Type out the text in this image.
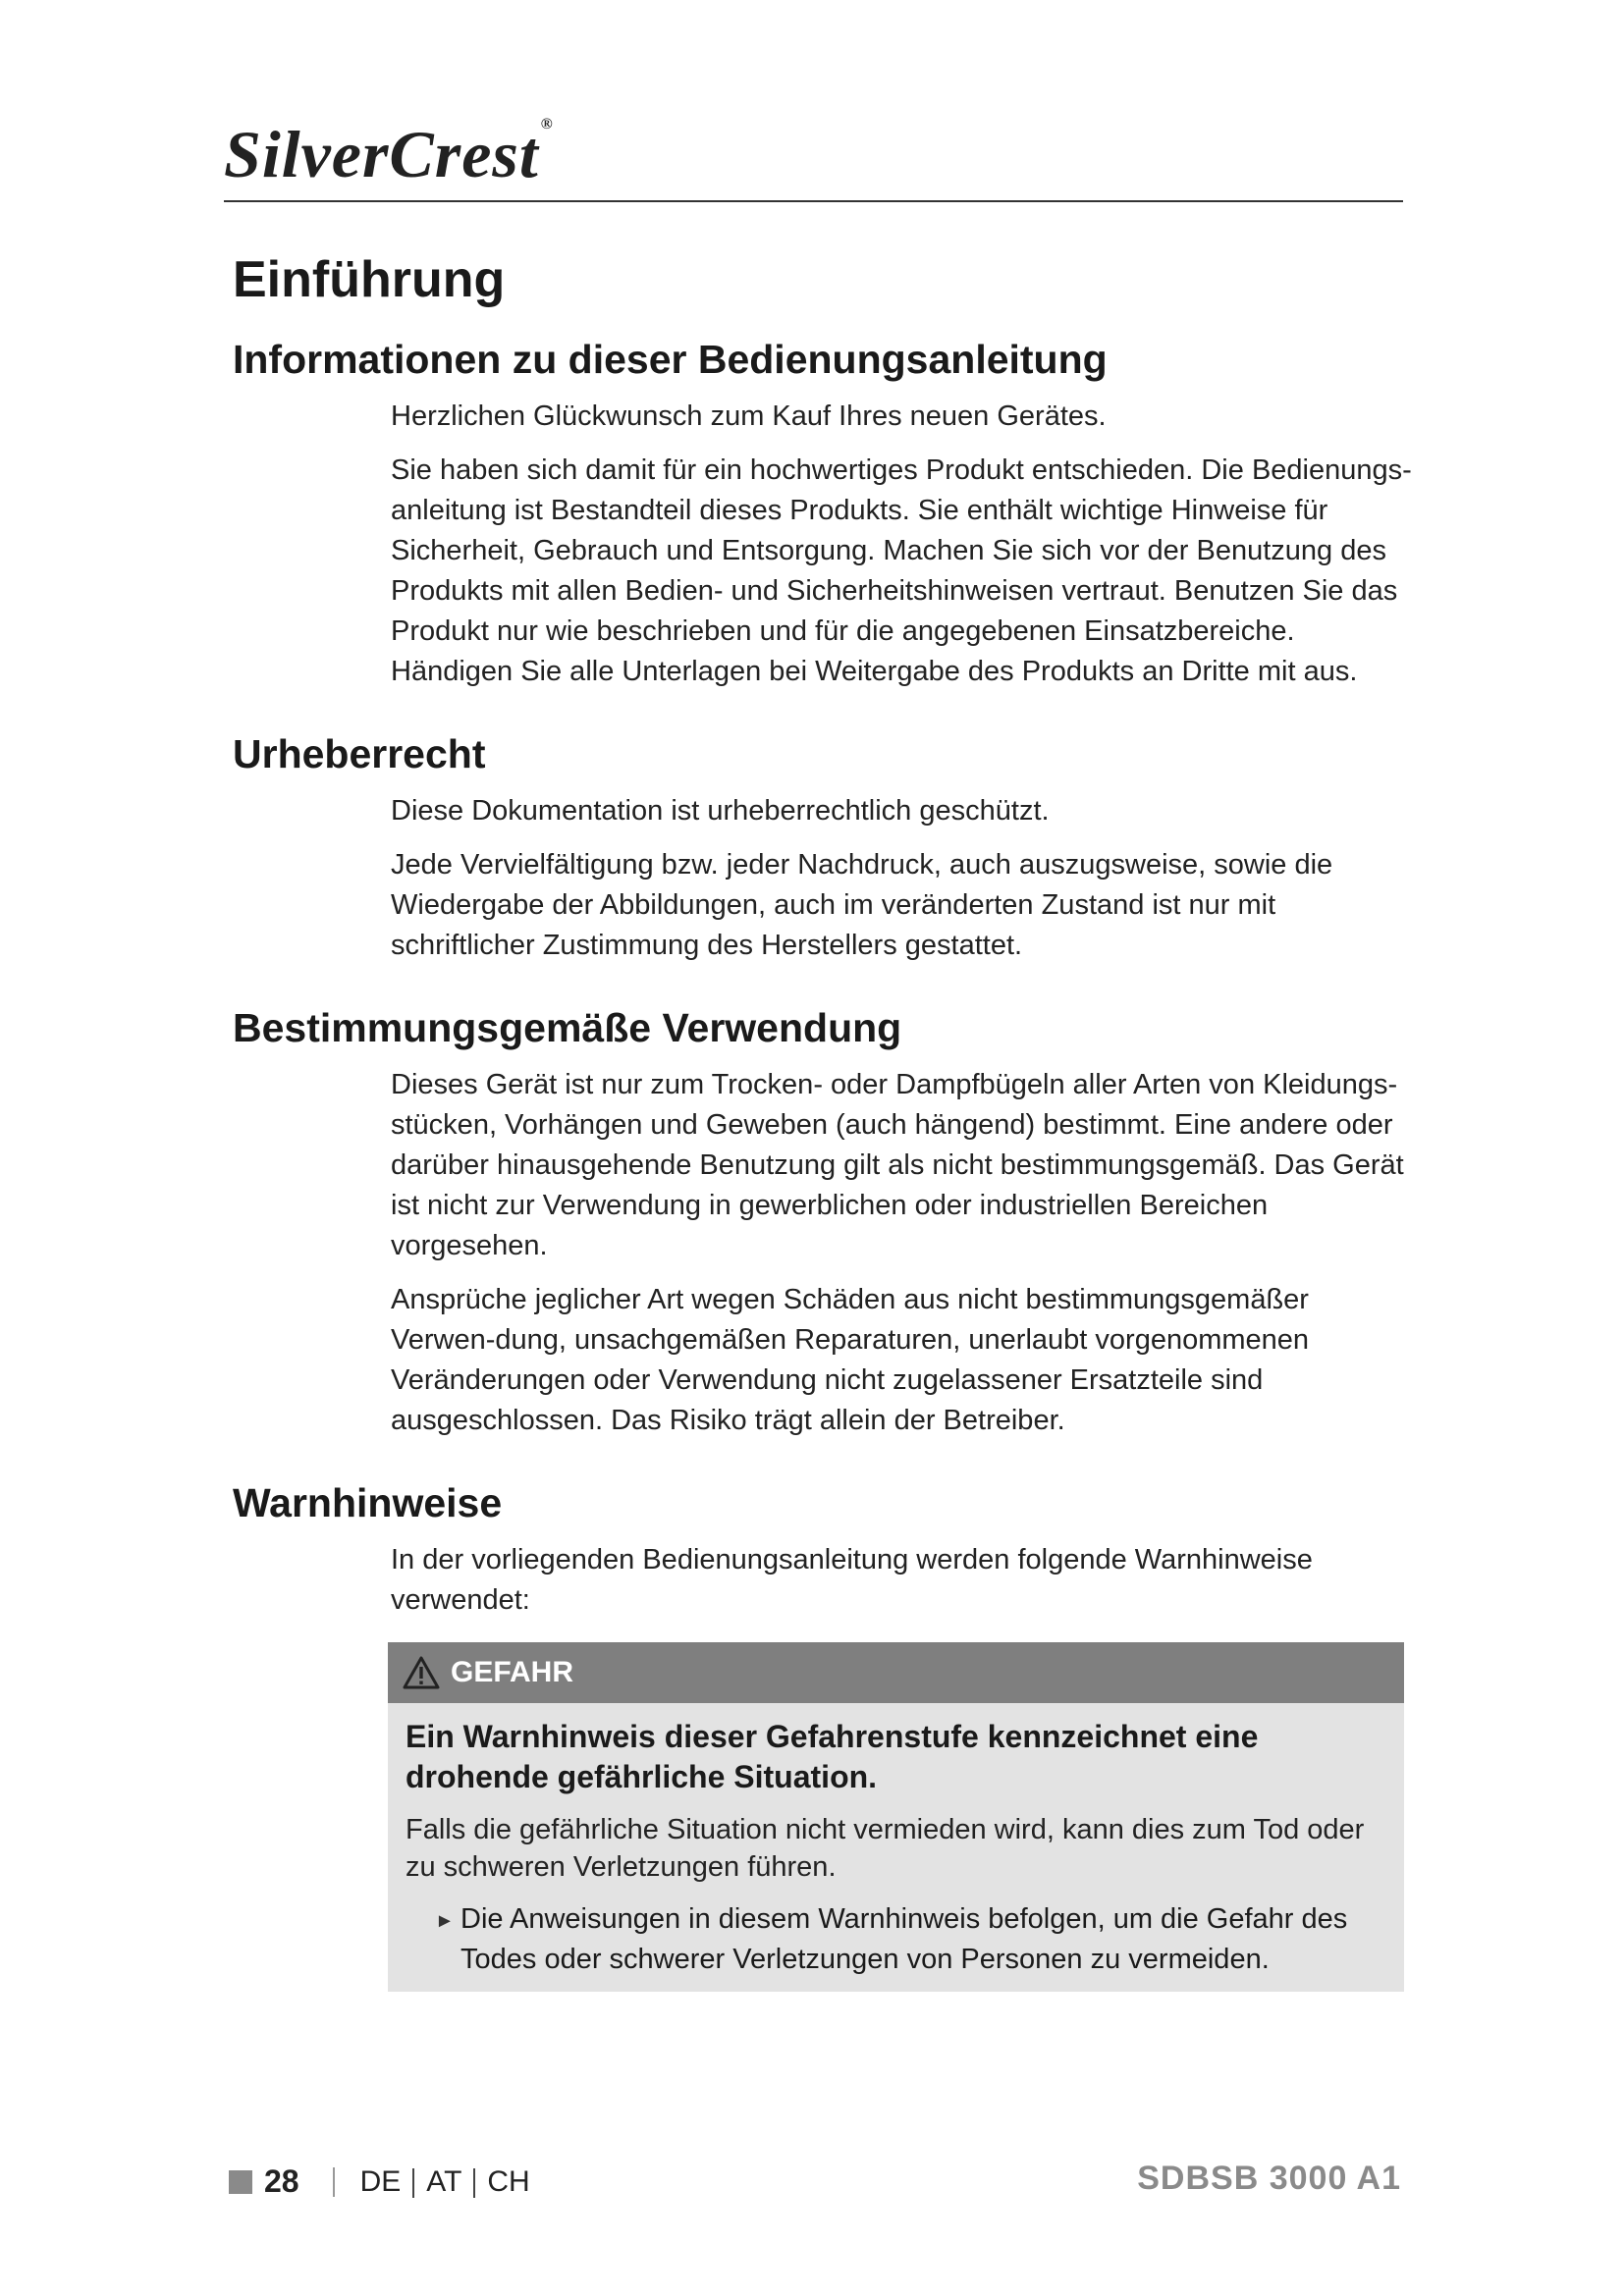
SilverCrest ®
Einführung
Informationen zu dieser Bedienungsanleitung

Herzlichen Glückwunsch zum Kauf Ihres neuen Gerätes.

Sie haben sich damit für ein hochwertiges Produkt entschieden. Die Bedienungs-anleitung ist Bestandteil dieses Produkts. Sie enthält wichtige Hinweise für Sicherheit, Gebrauch und Entsorgung. Machen Sie sich vor der Benutzung des Produkts mit allen Bedien- und Sicherheitshinweisen vertraut. Benutzen Sie das Produkt nur wie beschrieben und für die angegebenen Einsatzbereiche. Händigen Sie alle Unterlagen bei Weitergabe des Produkts an Dritte mit aus.

Urheberrecht

Diese Dokumentation ist urheberrechtlich geschützt.

Jede Vervielfältigung bzw. jeder Nachdruck, auch auszugsweise, sowie die Wiedergabe der Abbildungen, auch im veränderten Zustand ist nur mit schriftlicher Zustimmung des Herstellers gestattet.

Bestimmungsgemäße Verwendung

Dieses Gerät ist nur zum Trocken- oder Dampfbügeln aller Arten von Kleidungs-stücken, Vorhängen und Geweben (auch hängend) bestimmt. Eine andere oder darüber hinausgehende Benutzung gilt als nicht bestimmungsgemäß. Das Gerät ist nicht zur Verwendung in gewerblichen oder industriellen Bereichen vorgesehen.

Ansprüche jeglicher Art wegen Schäden aus nicht bestimmungsgemäßer Verwen-dung, unsachgemäßen Reparaturen, unerlaubt vorgenommenen Veränderungen oder Verwendung nicht zugelassener Ersatzteile sind ausgeschlossen. Das Risiko trägt allein der Betreiber.

Warnhinweise

In der vorliegenden Bedienungsanleitung werden folgende Warnhinweise verwendet:

GEFAHR

Ein Warnhinweis dieser Gefahrenstufe kennzeichnet eine drohende gefährliche Situation.

Falls die gefährliche Situation nicht vermieden wird, kann dies zum Tod oder zu schweren Verletzungen führen.

► Die Anweisungen in diesem Warnhinweis befolgen, um die Gefahr des Todes oder schwerer Verletzungen von Personen zu vermeiden.
28 DE AT CH	SDBSB 3000 A1
